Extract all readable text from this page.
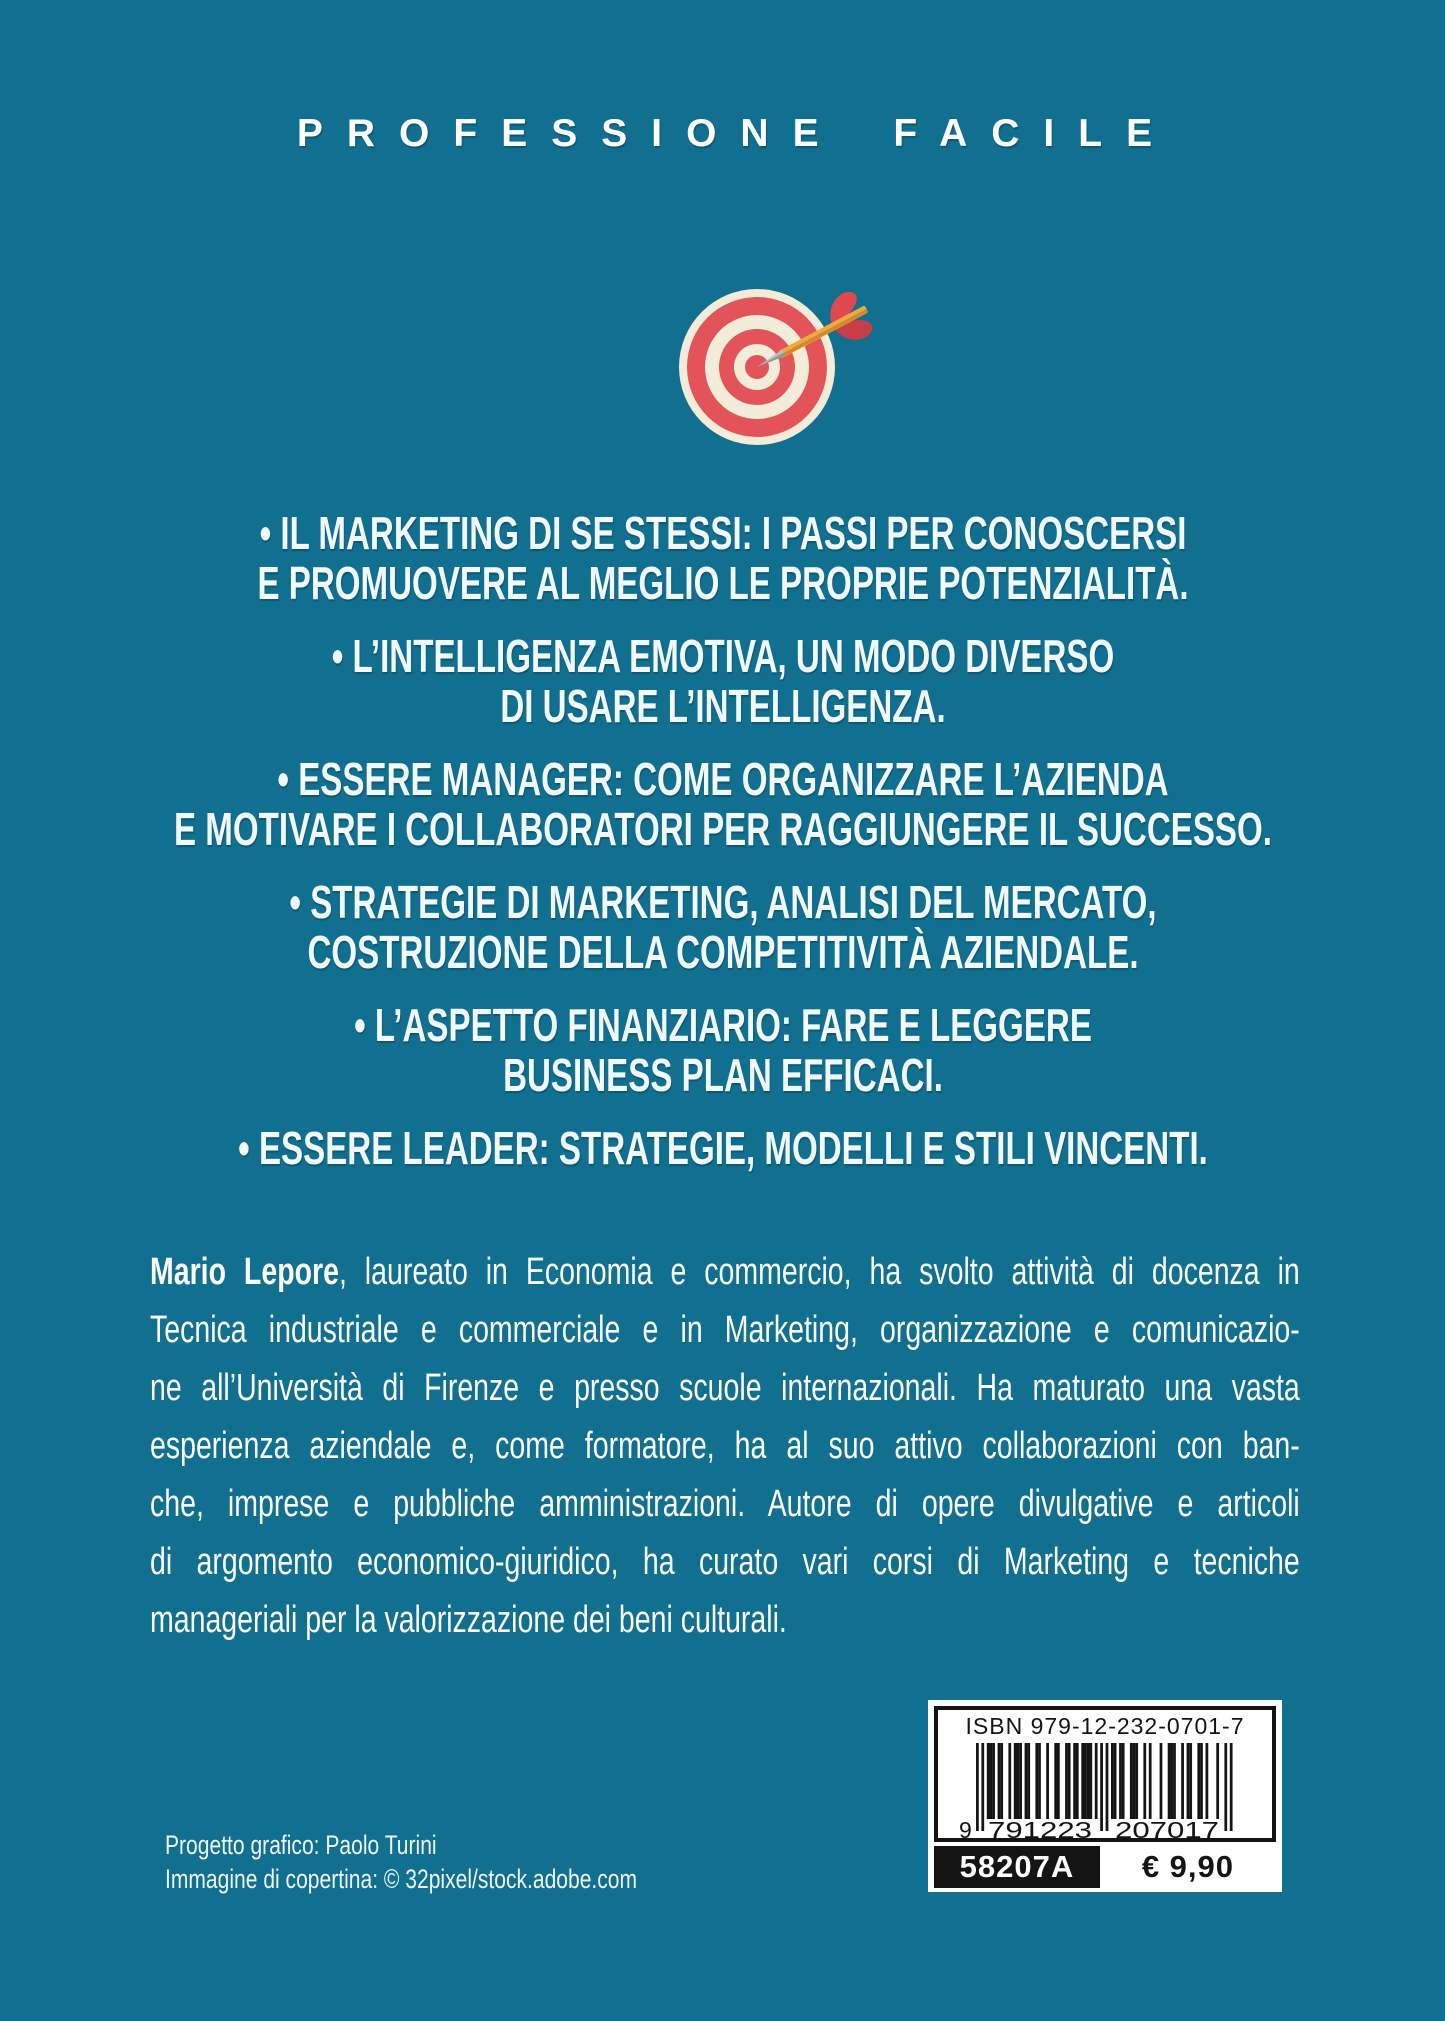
PROFESSIONE FACILE
• IL MARKETING DI SE STESSI: I PASSI PER CONOSCERSI
E PROMUOVERE AL MEGLIO LE PROPRIE POTENZIALITÀ.
• L’INTELLIGENZA EMOTIVA, UN MODO DIVERSO
DI USARE L’INTELLIGENZA.
• ESSERE MANAGER: COME ORGANIZZARE L’AZIENDA
E MOTIVARE I COLLABORATORI PER RAGGIUNGERE IL SUCCESSO.
• STRATEGIE DI MARKETING, ANALISI DEL MERCATO,
COSTRUZIONE DELLA COMPETITIVITÀ AZIENDALE.
• L’ASPETTO FINANZIARIO: FARE E LEGGERE
BUSINESS PLAN EFFICACI.
• ESSERE LEADER: STRATEGIE, MODELLI E STILI VINCENTI.
Mario Lepore, laureato in Economia e commercio, ha svolto attività di docenza in
Tecnica industriale e commerciale e in Marketing, organizzazione e comunicazio-
ne all’Università di Firenze e presso scuole internazionali. Ha maturato una vasta
esperienza aziendale e, come formatore, ha al suo attivo collaborazioni con ban-
che, imprese e pubbliche amministrazioni. Autore di opere divulgative e articoli
di argomento economico-giuridico, ha curato vari corsi di Marketing e tecniche
manageriali per la valorizzazione dei beni culturali.
Progetto grafico: Paolo Turini
Immagine di copertina: © 32pixel/stock.adobe.com
ISBN 979-12-232-0701-7
9 791223 207017
58207A	€ 9,90
